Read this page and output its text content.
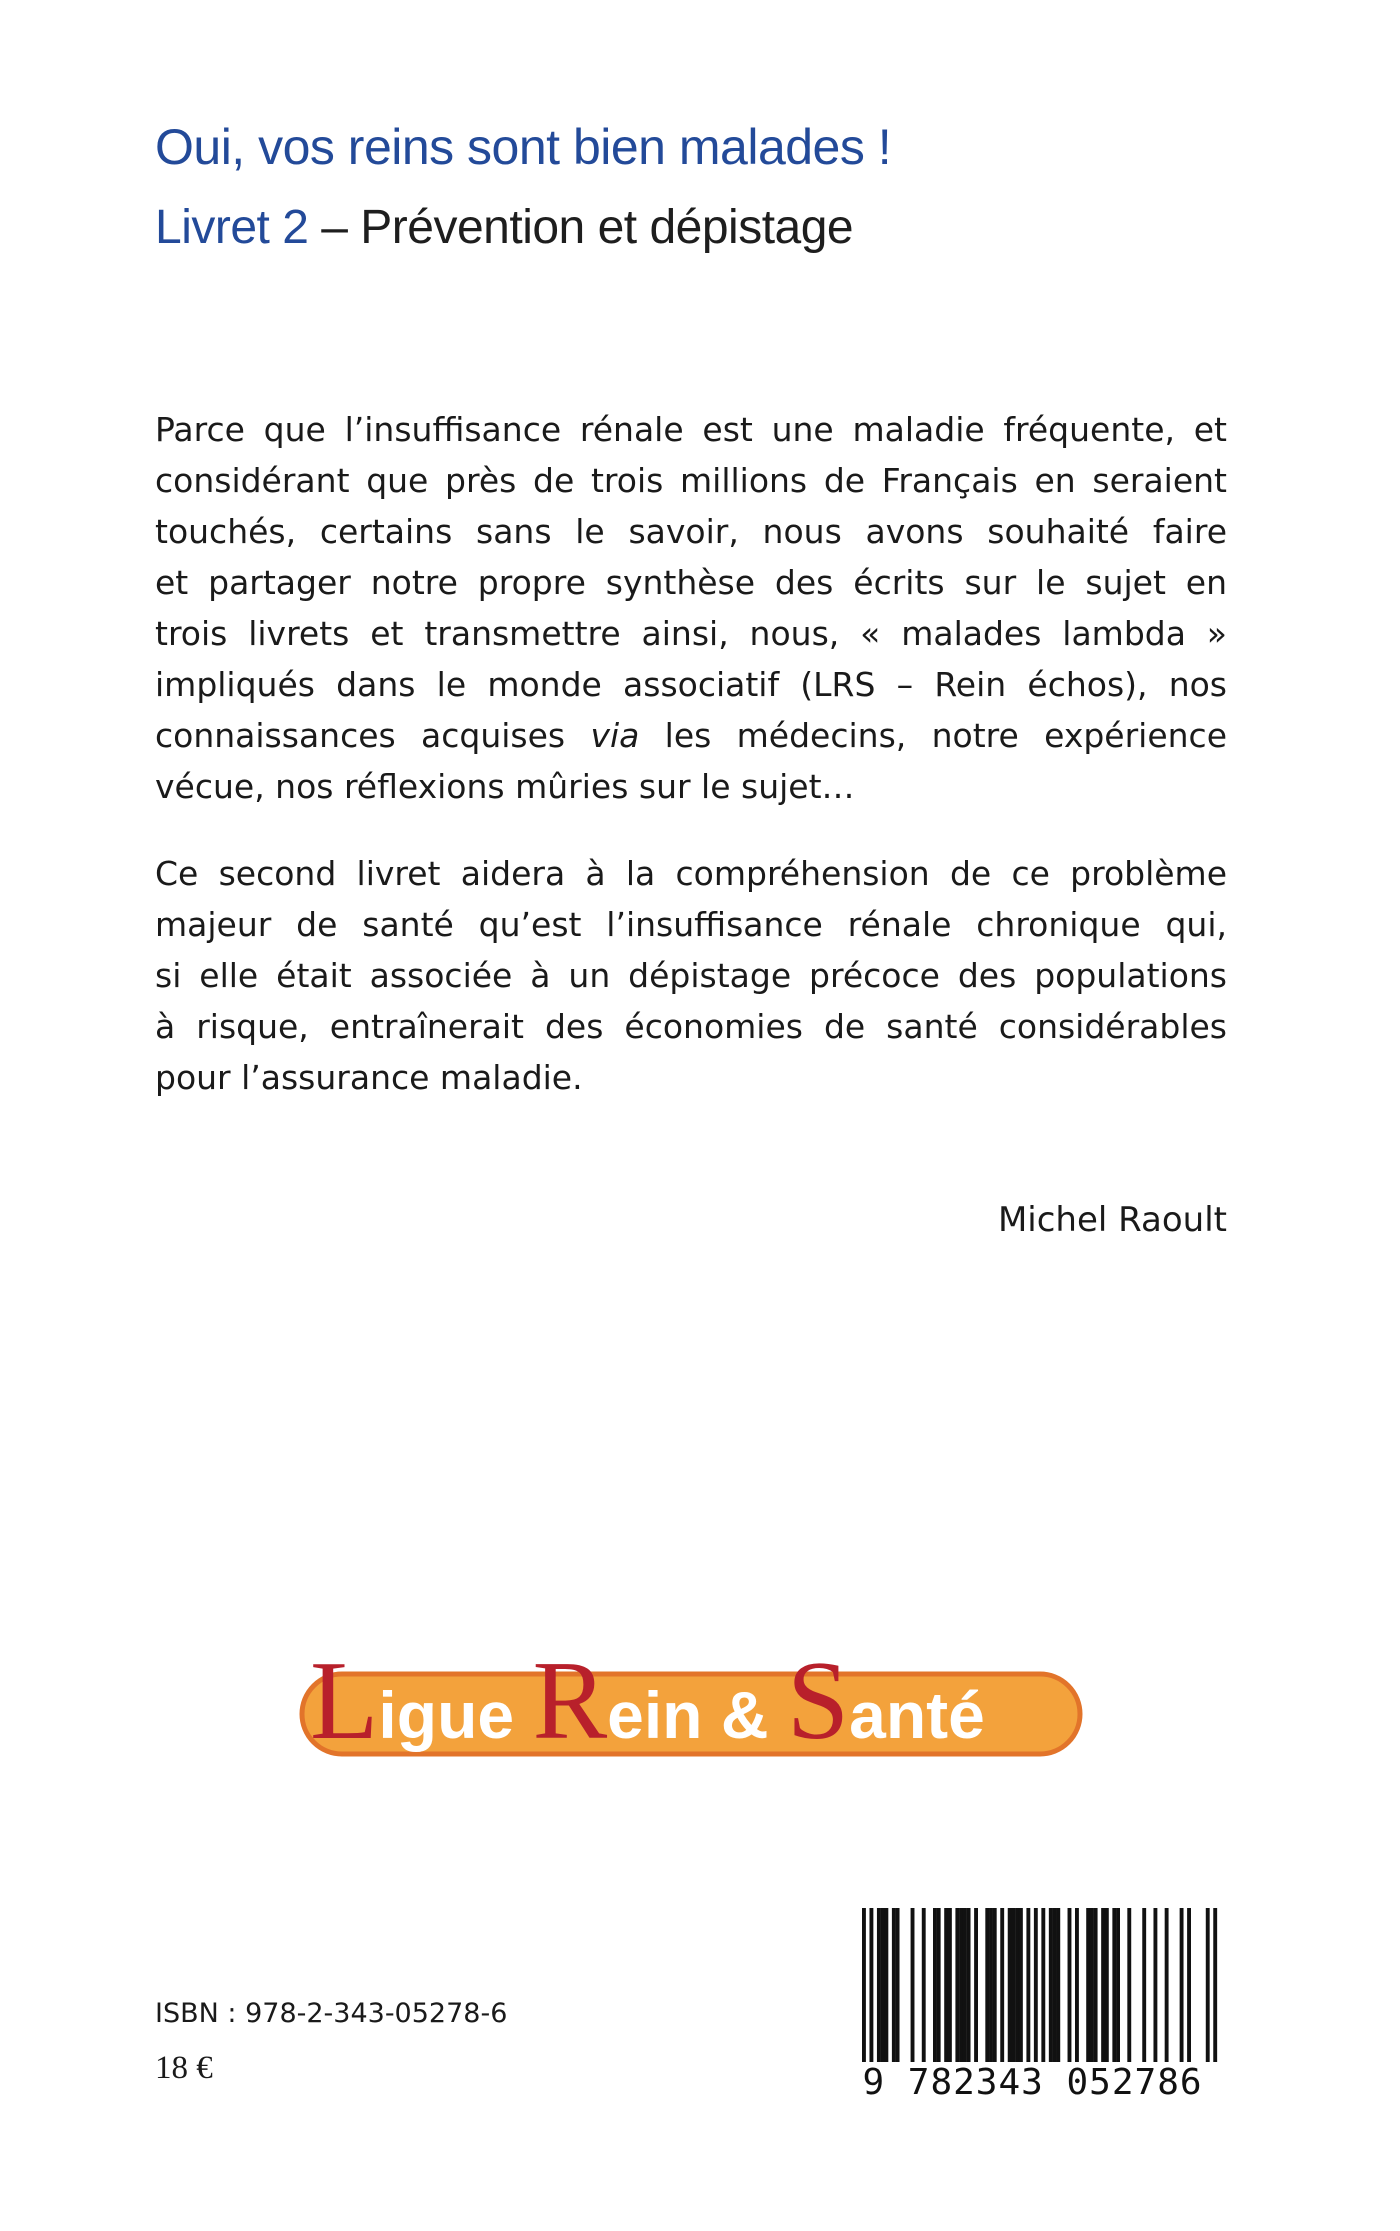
Oui, vos reins sont bien malades !
Livret 2 – Prévention et dépistage
Parce que l’insuffisance rénale est une maladie fréquente, et
considérant que près de trois millions de Français en seraient
touchés, certains sans le savoir, nous avons souhaité faire
et partager notre propre synthèse des écrits sur le sujet en
trois livrets et transmettre ainsi, nous, « malades lambda »
impliqués dans le monde associatif (LRS – Rein échos), nos
connaissances acquises via les médecins, notre expérience
vécue, nos réflexions mûries sur le sujet…
Ce second livret aidera à la compréhension de ce problème
majeur de santé qu’est l’insuffisance rénale chronique qui,
si elle était associée à un dépistage précoce des populations
à risque, entraînerait des économies de santé considérables
pour l’assurance maladie.

Michel Raoult

Ligue Rein & Santé

ISBN : 978-2-343-05278-6

18 €	9 782343 052786
